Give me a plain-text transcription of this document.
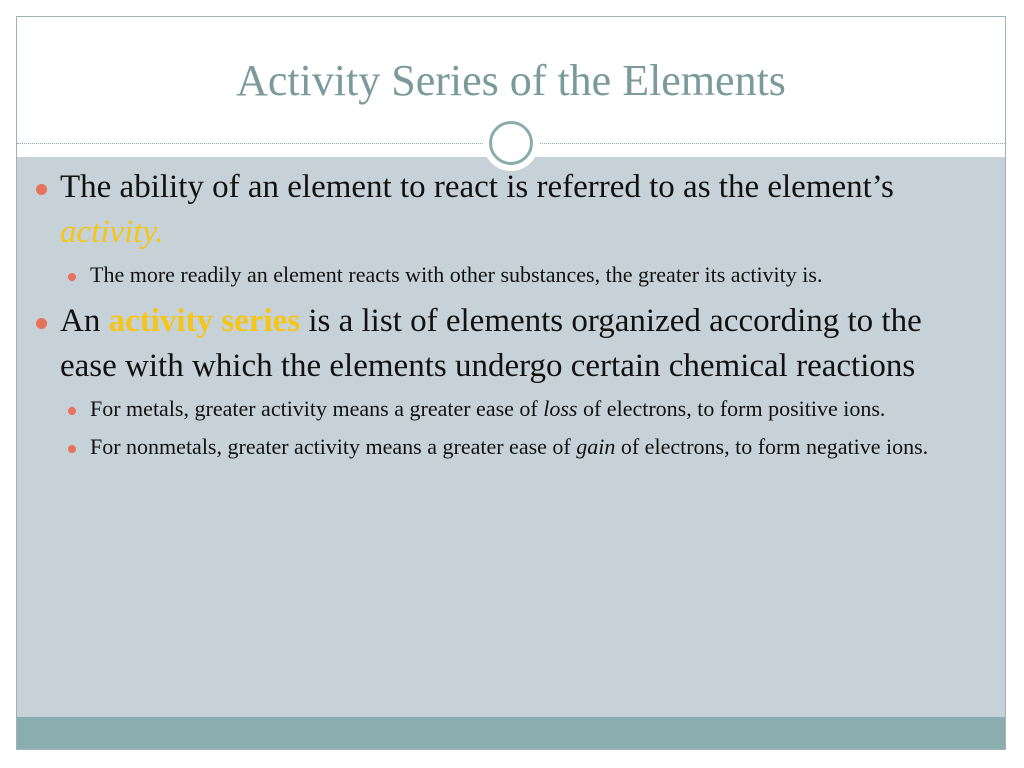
Activity Series of the Elements
The ability of an element to react is referred to as the element’s activity.
The more readily an element reacts with other substances, the greater its activity is.
An activity series is a list of elements organized according to the ease with which the elements undergo certain chemical reactions
For metals, greater activity means a greater ease of loss of electrons, to form positive ions.
For nonmetals, greater activity means a greater ease of gain of electrons, to form negative ions.
